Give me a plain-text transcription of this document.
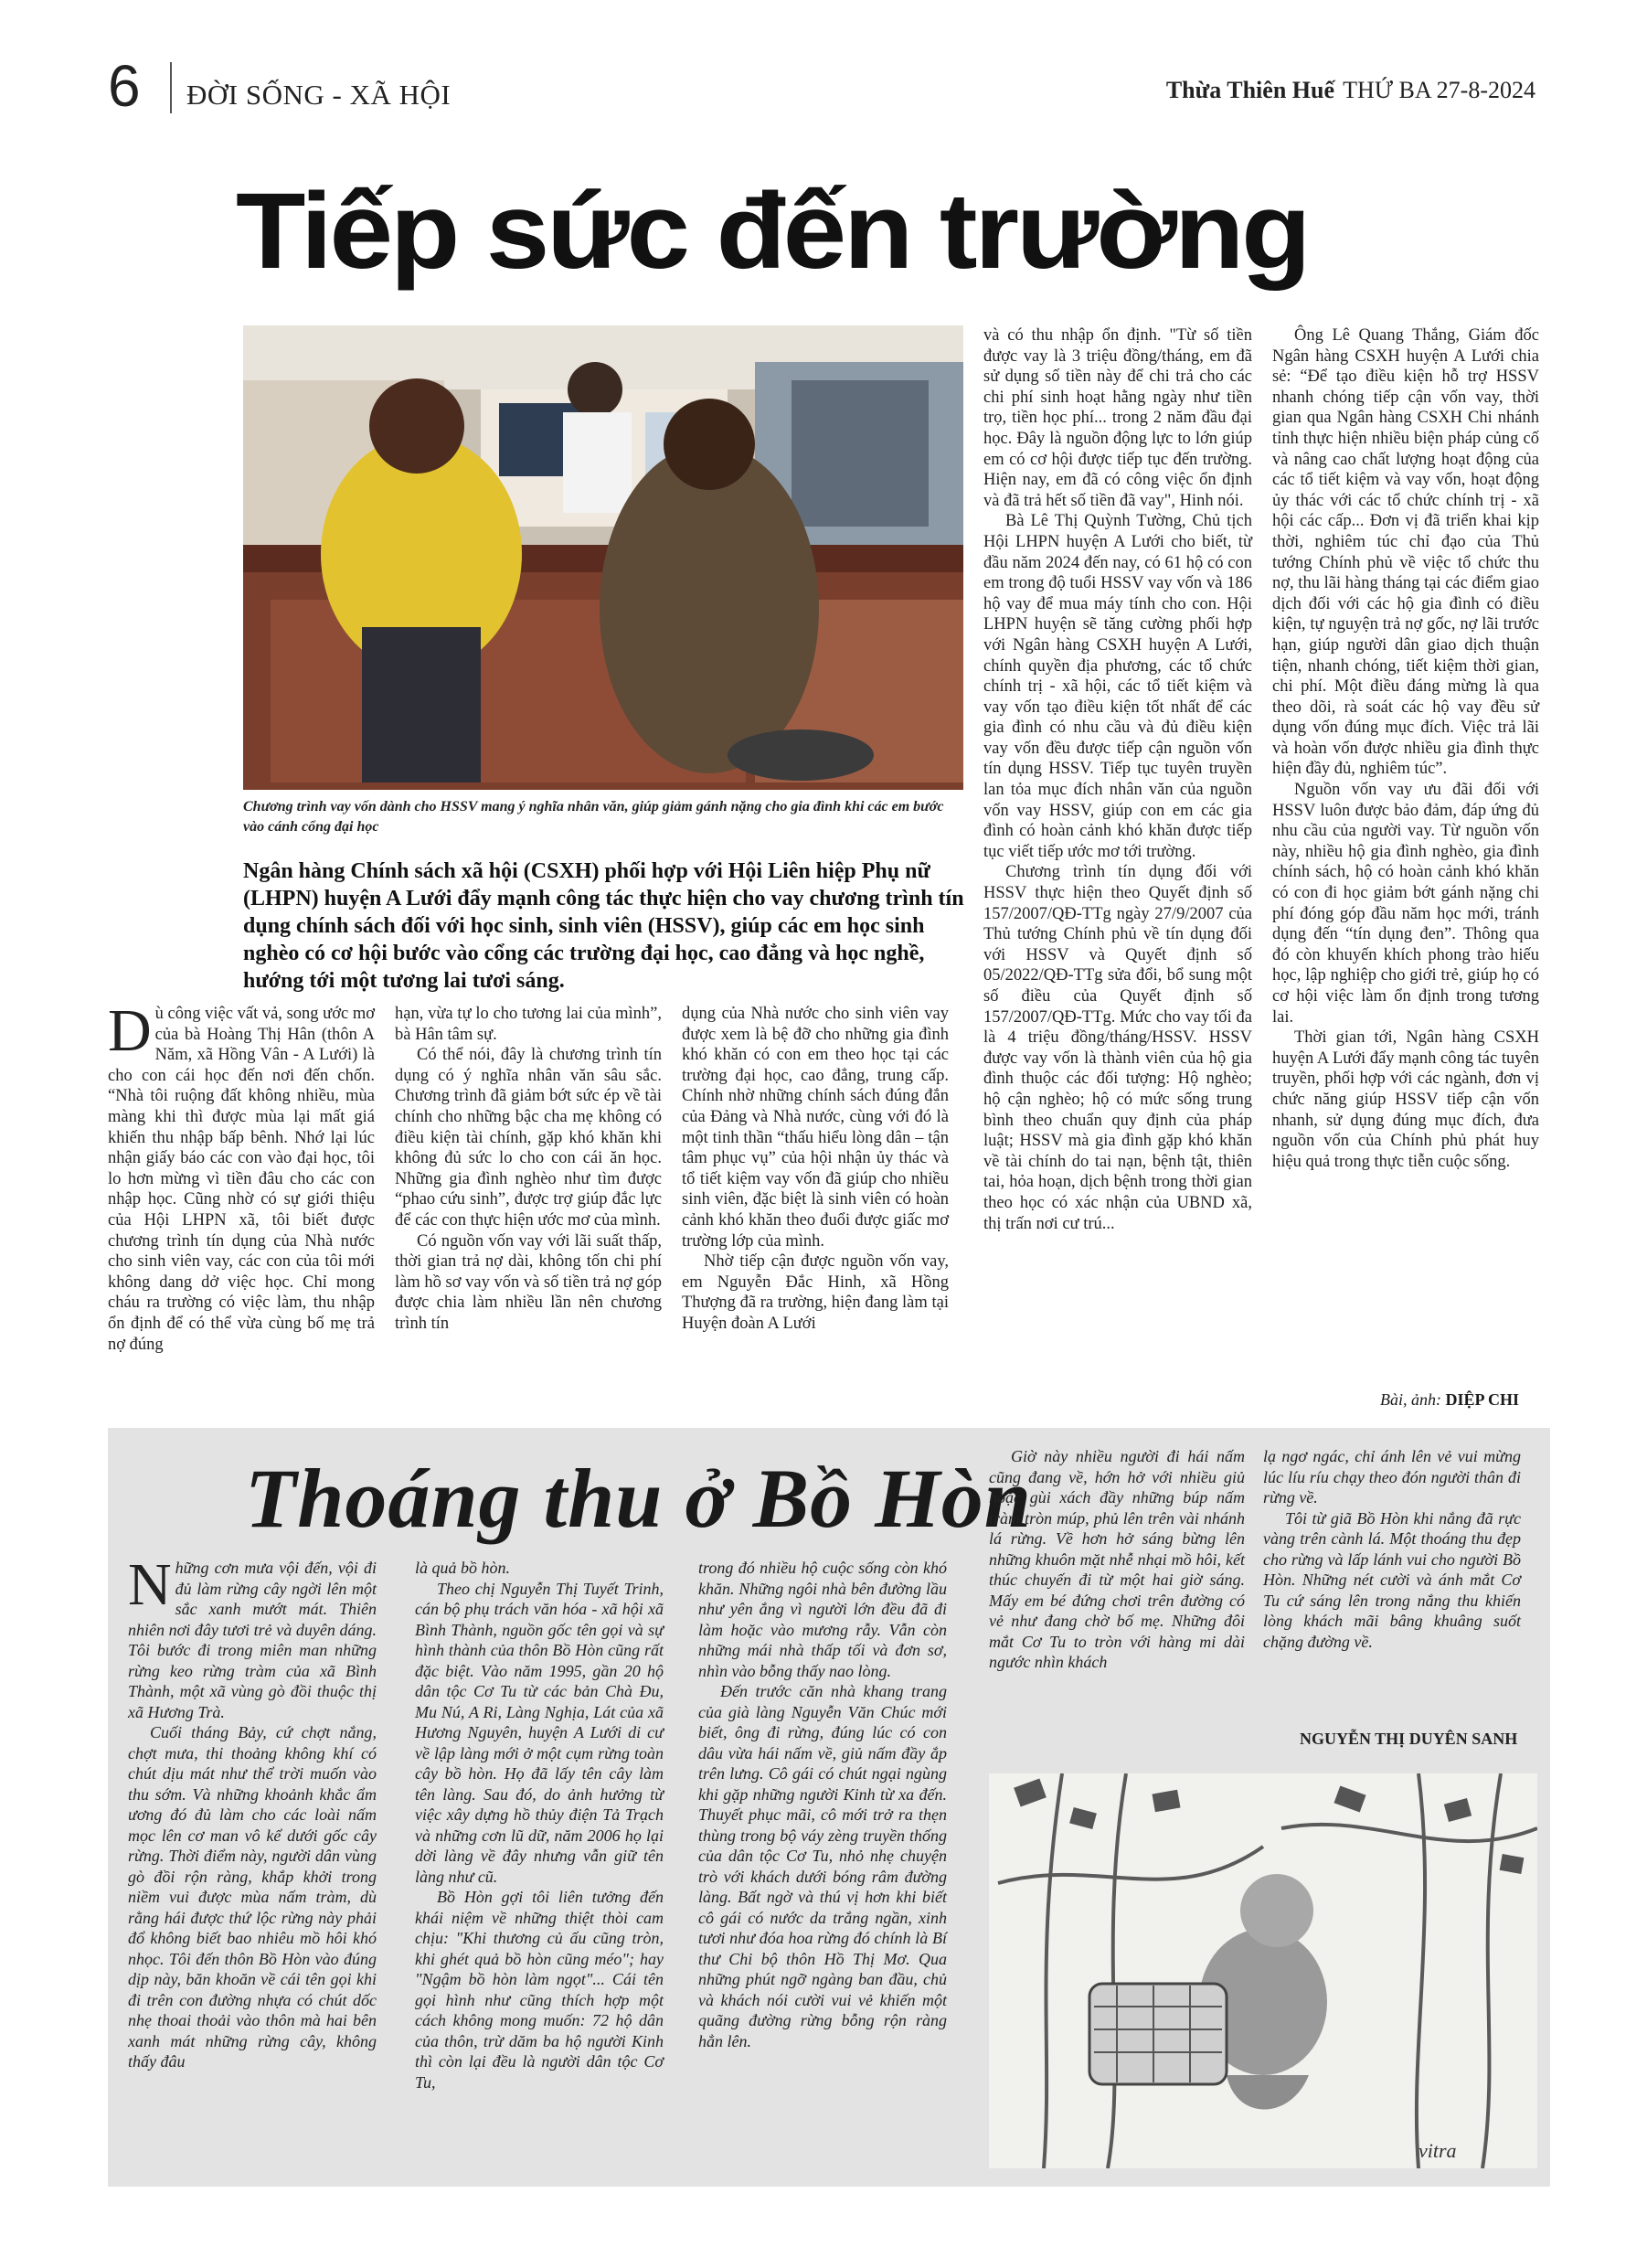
6 ĐỜI SỐNG - XÃ HỘI	Thừa Thiên Huế THỨ BA 27-8-2024
Tiếp sức đến trường
Chương trình vay vốn dành cho HSSV mang ý nghĩa nhân văn, giúp giảm gánh nặng cho gia đình khi các em bước vào cánh cổng đại học

Ngân hàng Chính sách xã hội (CSXH) phối hợp với Hội Liên hiệp Phụ nữ (LHPN) huyện A Lưới đẩy mạnh công tác thực hiện cho vay chương trình tín dụng chính sách đối với học sinh, sinh viên (HSSV), giúp các em học sinh nghèo có cơ hội bước vào cổng các trường đại học, cao đẳng và học nghề, hướng tới một tương lai tươi sáng.

Dù công việc vất vả, song ước mơ của bà Hoàng Thị Hân (thôn A Năm, xã Hồng Vân - A Lưới) là cho con cái học đến nơi đến chốn. “Nhà tôi ruộng đất không nhiều, mùa màng khi thì được mùa lại mất giá khiến thu nhập bấp bênh. Nhớ lại lúc nhận giấy báo các con vào đại học, tôi lo hơn mừng vì tiền đâu cho các con nhập học. Cũng nhờ có sự giới thiệu của Hội LHPN xã, tôi biết được chương trình tín dụng của Nhà nước cho sinh viên vay, các con của tôi mới không dang dở việc học. Chỉ mong cháu ra trường có việc làm, thu nhập ổn định để có thể vừa cùng bố mẹ trả nợ đúng

hạn, vừa tự lo cho tương lai của mình”, bà Hân tâm sự.

Có thể nói, đây là chương trình tín dụng có ý nghĩa nhân văn sâu sắc. Chương trình đã giảm bớt sức ép về tài chính cho những bậc cha mẹ không có điều kiện tài chính, gặp khó khăn khi không đủ sức lo cho con cái ăn học. Những gia đình nghèo như tìm được “phao cứu sinh”, được trợ giúp đắc lực để các con thực hiện ước mơ của mình.

Có nguồn vốn vay với lãi suất thấp, thời gian trả nợ dài, không tốn chi phí làm hồ sơ vay vốn và số tiền trả nợ góp được chia làm nhiều lần nên chương trình tín

dụng của Nhà nước cho sinh viên vay được xem là bệ đỡ cho những gia đình khó khăn có con em theo học tại các trường đại học, cao đẳng, trung cấp. Chính nhờ những chính sách đúng đắn của Đảng và Nhà nước, cùng với đó là một tinh thần “thấu hiểu lòng dân – tận tâm phục vụ” của hội nhận ủy thác và tổ tiết kiệm vay vốn đã giúp cho nhiều sinh viên, đặc biệt là sinh viên có hoàn cảnh khó khăn theo đuổi được giấc mơ trường lớp của mình.

Nhờ tiếp cận được nguồn vốn vay, em Nguyễn Đắc Hinh, xã Hồng Thượng đã ra trường, hiện đang làm tại Huyện đoàn A Lưới

và có thu nhập ổn định. "Từ số tiền được vay là 3 triệu đồng/tháng, em đã sử dụng số tiền này để chi trả cho các chi phí sinh hoạt hằng ngày như tiền trọ, tiền học phí... trong 2 năm đầu đại học. Đây là nguồn động lực to lớn giúp em có cơ hội được tiếp tục đến trường. Hiện nay, em đã có công việc ổn định và đã trả hết số tiền đã vay", Hinh nói.

Bà Lê Thị Quỳnh Tường, Chủ tịch Hội LHPN huyện A Lưới cho biết, từ đầu năm 2024 đến nay, có 61 hộ có con em trong độ tuổi HSSV vay vốn và 186 hộ vay để mua máy tính cho con. Hội LHPN huyện sẽ tăng cường phối hợp với Ngân hàng CSXH huyện A Lưới, chính quyền địa phương, các tổ chức chính trị - xã hội, các tổ tiết kiệm và vay vốn tạo điều kiện tốt nhất để các gia đình có nhu cầu và đủ điều kiện vay vốn đều được tiếp cận nguồn vốn tín dụng HSSV. Tiếp tục tuyên truyền lan tỏa mục đích nhân văn của nguồn vốn vay HSSV, giúp con em các gia đình có hoàn cảnh khó khăn được tiếp tục viết tiếp ước mơ tới trường.

Chương trình tín dụng đối với HSSV thực hiện theo Quyết định số 157/2007/QĐ-TTg ngày 27/9/2007 của Thủ tướng Chính phủ về tín dụng đối với HSSV và Quyết định số 05/2022/QĐ-TTg sửa đổi, bổ sung một số điều của Quyết định số 157/2007/QĐ-TTg. Mức cho vay tối đa là 4 triệu đồng/tháng/HSSV. HSSV được vay vốn là thành viên của hộ gia đình thuộc các đối tượng: Hộ nghèo; hộ cận nghèo; hộ có mức sống trung bình theo chuẩn quy định của pháp luật; HSSV mà gia đình gặp khó khăn về tài chính do tai nạn, bệnh tật, thiên tai, hỏa hoạn, dịch bệnh trong thời gian theo học có xác nhận của UBND xã, thị trấn nơi cư trú...

Ông Lê Quang Thắng, Giám đốc Ngân hàng CSXH huyện A Lưới chia sẻ: “Để tạo điều kiện hỗ trợ HSSV nhanh chóng tiếp cận vốn vay, thời gian qua Ngân hàng CSXH Chi nhánh tỉnh thực hiện nhiều biện pháp củng cố và nâng cao chất lượng hoạt động của các tổ tiết kiệm và vay vốn, hoạt động ủy thác với các tổ chức chính trị - xã hội các cấp... Đơn vị đã triển khai kịp thời, nghiêm túc chỉ đạo của Thủ tướng Chính phủ về việc tổ chức thu nợ, thu lãi hàng tháng tại các điểm giao dịch đối với các hộ gia đình có điều kiện, tự nguyện trả nợ gốc, nợ lãi trước hạn, giúp người dân giao dịch thuận tiện, nhanh chóng, tiết kiệm thời gian, chi phí. Một điều đáng mừng là qua theo dõi, rà soát các hộ vay đều sử dụng vốn đúng mục đích. Việc trả lãi và hoàn vốn được nhiều gia đình thực hiện đầy đủ, nghiêm túc”.

Nguồn vốn vay ưu đãi đối với HSSV luôn được bảo đảm, đáp ứng đủ nhu cầu của người vay. Từ nguồn vốn này, nhiều hộ gia đình nghèo, gia đình chính sách, hộ có hoàn cảnh khó khăn có con đi học giảm bớt gánh nặng chi phí đóng góp đầu năm học mới, tránh dụng đến “tín dụng đen”. Thông qua đó còn khuyến khích phong trào hiếu học, lập nghiệp cho giới trẻ, giúp họ có cơ hội việc làm ổn định trong tương lai.

Thời gian tới, Ngân hàng CSXH huyện A Lưới đẩy mạnh công tác tuyên truyền, phối hợp với các ngành, đơn vị chức năng giúp HSSV tiếp cận vốn nhanh, sử dụng đúng mục đích, đưa nguồn vốn của Chính phủ phát huy hiệu quả trong thực tiễn cuộc sống.

Bài, ảnh: DIỆP CHI
Thoáng thu ở Bồ Hòn

Những cơn mưa vội đến, vội đi đủ làm rừng cây ngời lên một sắc xanh mướt mát. Thiên nhiên nơi đây tươi trẻ và duyên dáng. Tôi bước đi trong miên man những rừng keo rừng tràm của xã Bình Thành, một xã vùng gò đồi thuộc thị xã Hương Trà.

Cuối tháng Bảy, cứ chợt nắng, chợt mưa, thi thoảng không khí có chút dịu mát như thể trời muốn vào thu sớm. Và những khoảnh khắc ẩm ương đó đủ làm cho các loài nấm mọc lên cơ man vô kể dưới gốc cây rừng. Thời điểm này, người dân vùng gò đồi rộn ràng, khắp khởi trong niềm vui được mùa nấm tràm, dù rằng hái được thứ lộc rừng này phải đổ không biết bao nhiêu mồ hôi khó nhọc. Tôi đến thôn Bồ Hòn vào đúng dịp này, băn khoăn về cái tên gọi khi đi trên con đường nhựa có chút dốc nhẹ thoai thoải vào thôn mà hai bên xanh mát những rừng cây, không thấy đâu

là quả bồ hòn.

Theo chị Nguyễn Thị Tuyết Trinh, cán bộ phụ trách văn hóa - xã hội xã Bình Thành, nguồn gốc tên gọi và sự hình thành của thôn Bồ Hòn cũng rất đặc biệt. Vào năm 1995, gần 20 hộ dân tộc Cơ Tu từ các bản Chà Đu, Mu Nú, A Ri, Làng Nghịa, Lát của xã Hương Nguyên, huyện A Lưới di cư về lập làng mới ở một cụm rừng toàn cây bồ hòn. Họ đã lấy tên cây làm tên làng. Sau đó, do ảnh hưởng từ việc xây dựng hồ thủy điện Tả Trạch và những cơn lũ dữ, năm 2006 họ lại dời làng về đây nhưng vẫn giữ tên làng như cũ.

Bồ Hòn gợi tôi liên tưởng đến khái niệm về những thiệt thòi cam chịu: "Khi thương củ ấu cũng tròn, khi ghét quả bồ hòn cũng méo"; hay "Ngậm bồ hòn làm ngọt"... Cái tên gọi hình như cũng thích hợp một cách không mong muốn: 72 hộ dân của thôn, trừ dăm ba hộ người Kinh thì còn lại đều là người dân tộc Cơ Tu,

trong đó nhiều hộ cuộc sống còn khó khăn. Những ngôi nhà bên đường lầu như yên ắng vì người lớn đều đã đi làm hoặc vào mương rẫy. Vẫn còn những mái nhà thấp tối và đơn sơ, nhìn vào bỗng thấy nao lòng.

Đến trước căn nhà khang trang của già làng Nguyễn Văn Chúc mới biết, ông đi rừng, đúng lúc có con dâu vừa hái nấm về, giủ nấm đầy ắp trên lưng. Cô gái có chút ngại ngùng khi gặp những người Kinh từ xa đến. Thuyết phục mãi, cô mới trở ra thẹn thùng trong bộ váy zèng truyền thống của dân tộc Cơ Tu, nhỏ nhẹ chuyện trò với khách dưới bóng râm đường làng. Bất ngờ và thú vị hơn khi biết cô gái có nước da trắng ngần, xinh tươi như đóa hoa rừng đó chính là Bí thư Chi bộ thôn Hồ Thị Mơ. Qua những phút ngỡ ngàng ban đầu, chủ và khách nói cười vui vẻ khiến một quãng đường rừng bỗng rộn ràng hẳn lên.

Giờ này nhiều người đi hái nấm cũng đang về, hớn hở với nhiều giủ hoặc gùi xách đầy những búp nấm tràm tròn múp, phủ lên trên vài nhánh lá rừng. Về hơn hở sáng bừng lên những khuôn mặt nhễ nhại mồ hôi, kết thúc chuyến đi từ một hai giờ sáng. Mấy em bé đứng chơi trên đường có vẻ như đang chờ bố mẹ. Những đôi mắt Cơ Tu to tròn với hàng mi dài ngước nhìn khách

lạ ngơ ngác, chỉ ánh lên vẻ vui mừng lúc líu ríu chạy theo đón người thân đi rừng về.

Tôi từ giã Bồ Hòn khi nắng đã rực vàng trên cành lá. Một thoáng thu đẹp cho rừng và lấp lánh vui cho người Bồ Hòn. Những nét cười và ánh mắt Cơ Tu cứ sáng lên trong nắng thu khiến lòng khách mãi bâng khuâng suốt chặng đường về.

NGUYỄN THỊ DUYÊN SANH
vitra
